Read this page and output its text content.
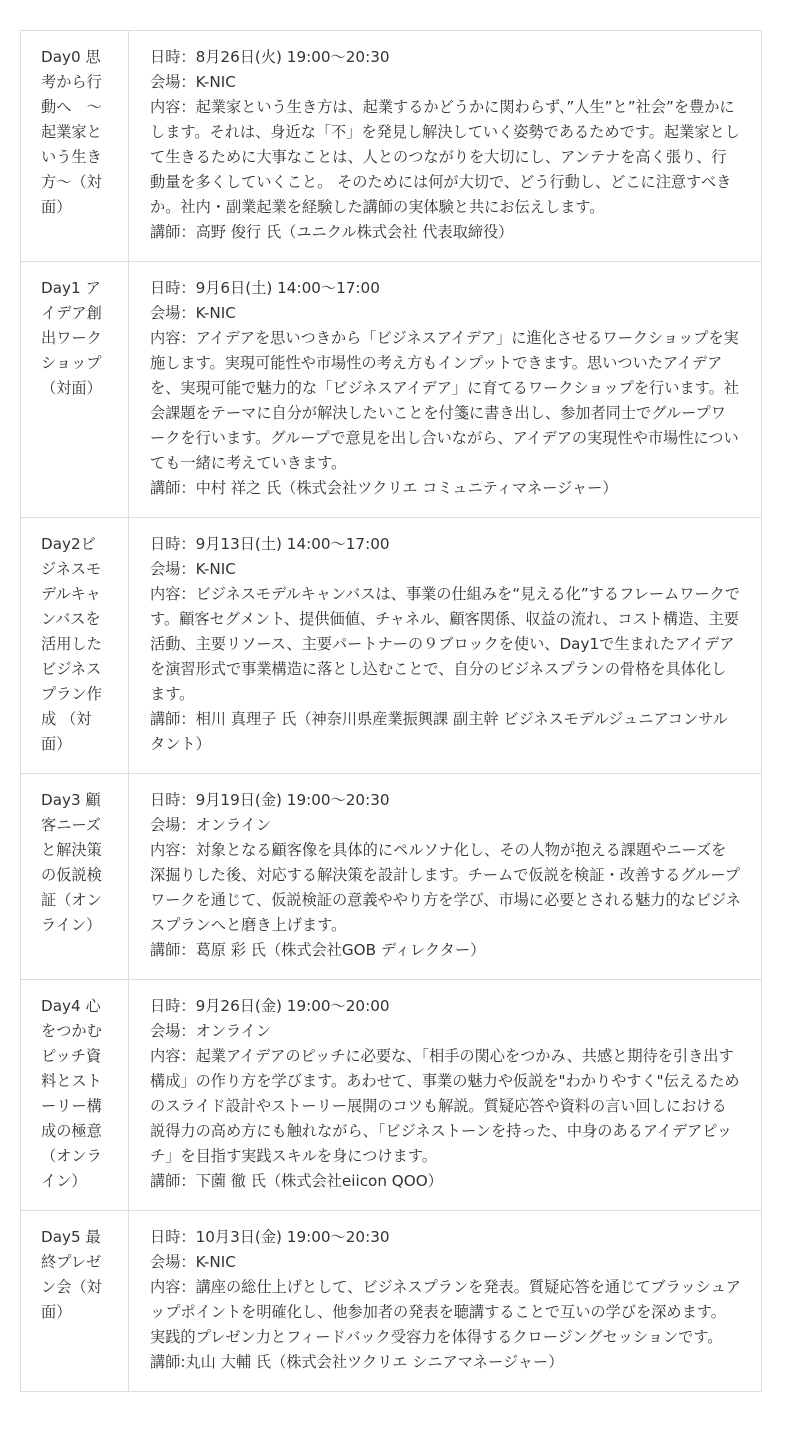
Day0 思考から行動へ　〜起業家という生き方〜（対面）	日時：8月26日(火) 19:00〜20:30
会場：K-NIC
内容：起業家という生き方は、起業するかどうかに関わらず、”人生”と”社会”を豊かにします。それは、身近な「不」を発見し解決していく姿勢であるためです。起業家として生きるために大事なことは、人とのつながりを大切にし、アンテナを高く張り、行動量を多くしていくこと。 そのためには何が大切で、どう行動し、どこに注意すべきか。社内・副業起業を経験した講師の実体験と共にお伝えします。
講師：高野 俊行 氏（ユニクル株式会社 代表取締役）

Day1 アイデア創出ワークショップ（対面）	日時：9月6日(土) 14:00〜17:00
会場：K-NIC
内容：アイデアを思いつきから「ビジネスアイデア」に進化させるワークショップを実施します。実現可能性や市場性の考え方もインプットできます。思いついたアイデアを、実現可能で魅力的な「ビジネスアイデア」に育てるワークショップを行います。社会課題をテーマに自分が解決したいことを付箋に書き出し、参加者同士でグループワークを行います。グループで意見を出し合いながら、アイデアの実現性や市場性についても一緒に考えていきます。
講師：中村 祥之 氏（株式会社ツクリエ コミュニティマネージャー）

Day2ビジネスモデルキャンバスを活用したビジネスプラン作成 （対面）	日時：9月13日(土) 14:00〜17:00
会場：K-NIC
内容：ビジネスモデルキャンバスは、事業の仕組みを“見える化”するフレームワークです。顧客セグメント、提供価値、チャネル、顧客関係、収益の流れ、コスト構造、主要活動、主要リソース、主要パートナーの９ブロックを使い、Day1で生まれたアイデアを演習形式で事業構造に落とし込むことで、自分のビジネスプランの骨格を具体化します。
講師：相川 真理子 氏（神奈川県産業振興課 副主幹 ビジネスモデルジュニアコンサルタント）

Day3 顧客ニーズと解決策の仮説検証（オンライン）	日時：9月19日(金) 19:00〜20:30
会場：オンライン
内容：対象となる顧客像を具体的にペルソナ化し、その人物が抱える課題やニーズを深掘りした後、対応する解決策を設計します。チームで仮説を検証・改善するグループワークを通じて、仮説検証の意義ややり方を学び、市場に必要とされる魅力的なビジネスプランへと磨き上げます。
講師：葛原 彩 氏（株式会社GOB ディレクター）

Day4 心をつかむピッチ資料とストーリー構成の極意（オンライン）	日時：9月26日(金) 19:00〜20:00
会場：オンライン
内容：起業アイデアのピッチに必要な、「相手の関心をつかみ、共感と期待を引き出す構成」の作り方を学びます。あわせて、事業の魅力や仮説を"わかりやすく"伝えるためのスライド設計やストーリー展開のコツも解説。質疑応答や資料の言い回しにおける説得力の高め方にも触れながら、「ビジネストーンを持った、中身のあるアイデアピッチ」を目指す実践スキルを身につけます。
講師：下薗 徹 氏（株式会社eiicon QOO）

Day5 最終プレゼン会（対面）	日時：10月3日(金) 19:00〜20:30
会場：K-NIC
内容：講座の総仕上げとして、ビジネスプランを発表。質疑応答を通じてブラッシュアップポイントを明確化し、他参加者の発表を聴講することで互いの学びを深めます。実践的プレゼン力とフィードバック受容力を体得するクロージングセッションです。
講師:丸山 大輔 氏（株式会社ツクリエ シニアマネージャー）
